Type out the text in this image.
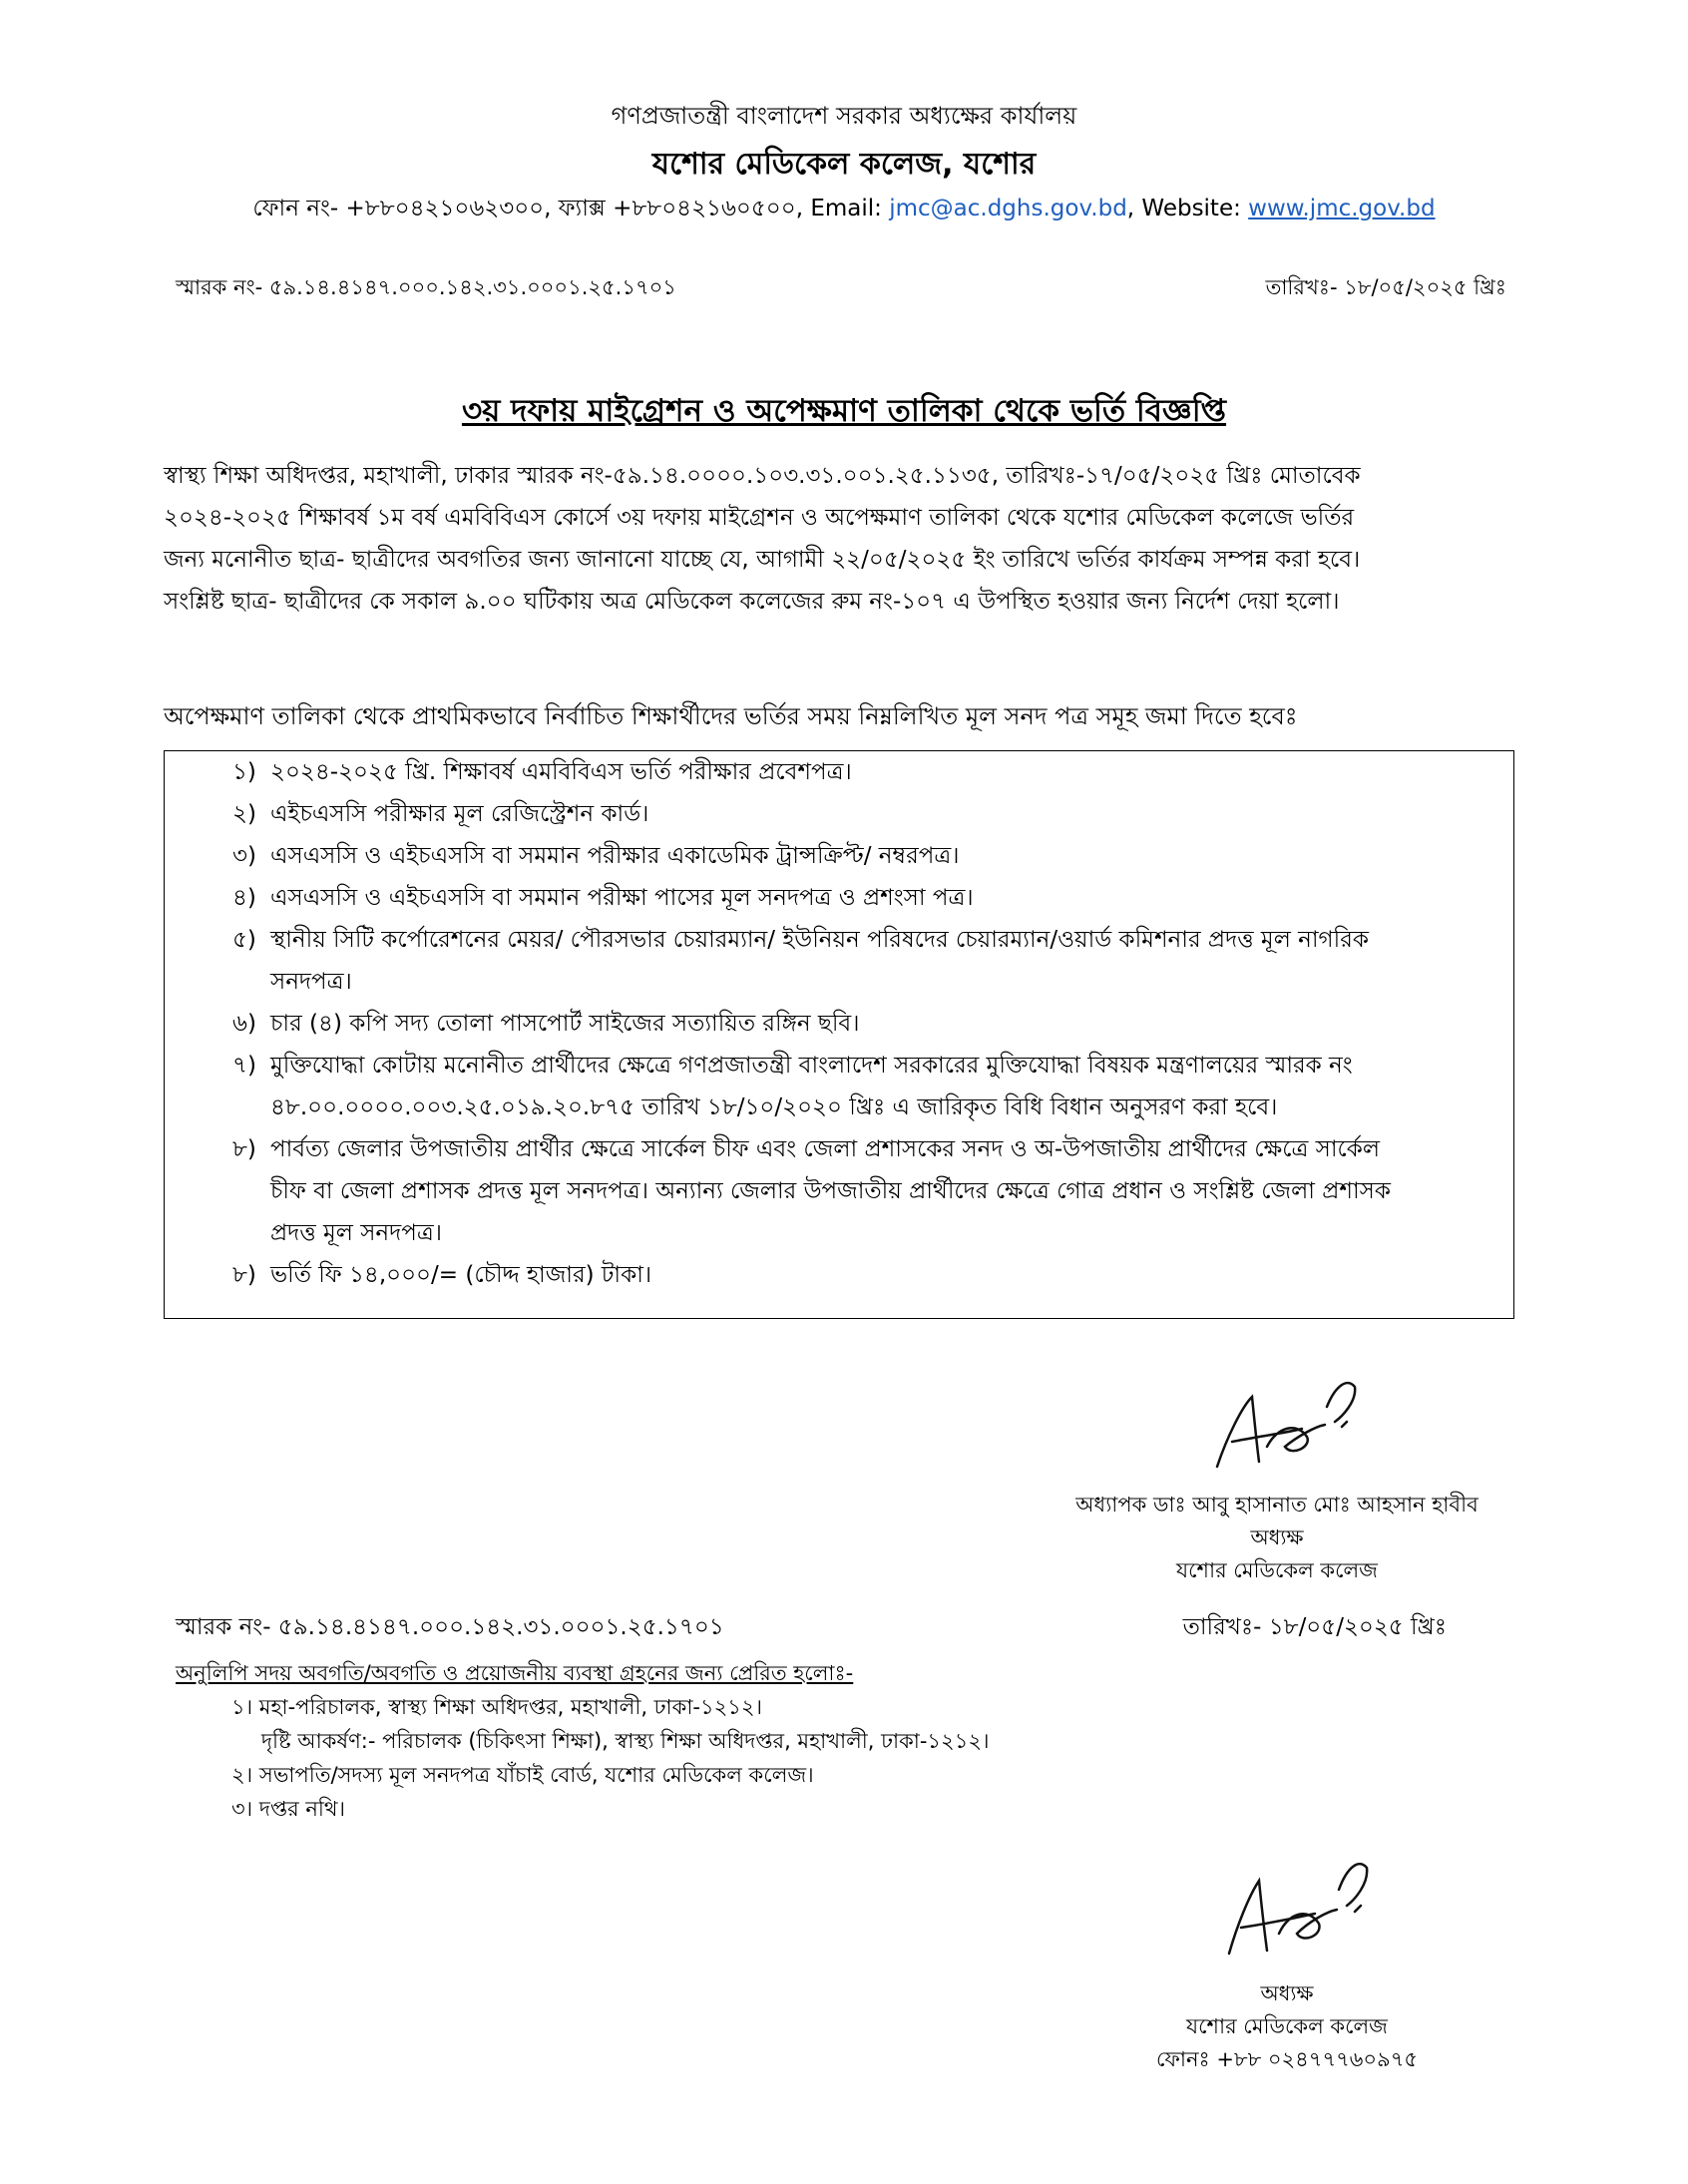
গণপ্রজাতন্ত্রী বাংলাদেশ সরকার অধ্যক্ষের কার্যালয়
যশোর মেডিকেল কলেজ, যশোর
ফোন নং- +৮৮০৪২১০৬২৩০০, ফ্যাক্স +৮৮০৪২১৬০৫০০, Email: jmc@ac.dghs.gov.bd, Website: www.jmc.gov.bd
স্মারক নং- ৫৯.১৪.৪১৪৭.০০০.১৪২.৩১.০০০১.২৫.১৭০১	তারিখঃ- ১৮/০৫/২০২৫ খ্রিঃ
৩য় দফায় মাইগ্রেশন ও অপেক্ষমাণ তালিকা থেকে ভর্তি বিজ্ঞপ্তি
স্বাস্থ্য শিক্ষা অধিদপ্তর, মহাখালী, ঢাকার স্মারক নং-৫৯.১৪.০০০০.১০৩.৩১.০০১.২৫.১১৩৫, তারিখঃ-১৭/০৫/২০২৫ খ্রিঃ মোতাবেক
২০২৪-২০২৫ শিক্ষাবর্ষ ১ম বর্ষ এমবিবিএস কোর্সে ৩য় দফায় মাইগ্রেশন ও অপেক্ষমাণ তালিকা থেকে যশোর মেডিকেল কলেজে ভর্তির
জন্য মনোনীত ছাত্র- ছাত্রীদের অবগতির জন্য জানানো যাচ্ছে যে, আগামী ২২/০৫/২০২৫ ইং তারিখে ভর্তির কার্যক্রম সম্পন্ন করা হবে।
সংশ্লিষ্ট ছাত্র- ছাত্রীদের কে সকাল ৯.০০ ঘটিকায় অত্র মেডিকেল কলেজের রুম নং-১০৭ এ উপস্থিত হওয়ার জন্য নির্দেশ দেয়া হলো।
অপেক্ষমাণ তালিকা থেকে প্রাথমিকভাবে নির্বাচিত শিক্ষার্থীদের ভর্তির সময় নিম্নলিখিত মূল সনদ পত্র সমূহ জমা দিতে হবেঃ
১) ২০২৪-২০২৫ খ্রি. শিক্ষাবর্ষ এমবিবিএস ভর্তি পরীক্ষার প্রবেশপত্র।
২) এইচএসসি পরীক্ষার মূল রেজিস্ট্রেশন কার্ড।
৩) এসএসসি ও এইচএসসি বা সমমান পরীক্ষার একাডেমিক ট্রান্সক্রিপ্ট/ নম্বরপত্র।
৪) এসএসসি ও এইচএসসি বা সমমান পরীক্ষা পাসের মূল সনদপত্র ও প্রশংসা পত্র।
৫) স্থানীয় সিটি কর্পোরেশনের মেয়র/ পৌরসভার চেয়ারম্যান/ ইউনিয়ন পরিষদের চেয়ারম্যান/ওয়ার্ড কমিশনার প্রদত্ত মূল নাগরিক
সনদপত্র।
৬) চার (৪) কপি সদ্য তোলা পাসপোর্ট সাইজের সত্যায়িত রঙ্গিন ছবি।
৭) মুক্তিযোদ্ধা কোটায় মনোনীত প্রার্থীদের ক্ষেত্রে গণপ্রজাতন্ত্রী বাংলাদেশ সরকারের মুক্তিযোদ্ধা বিষয়ক মন্ত্রণালয়ের স্মারক নং
৪৮.০০.০০০০.০০৩.২৫.০১৯.২০.৮৭৫ তারিখ ১৮/১০/২০২০ খ্রিঃ এ জারিকৃত বিধি বিধান অনুসরণ করা হবে।
৮) পার্বত্য জেলার উপজাতীয় প্রার্থীর ক্ষেত্রে সার্কেল চীফ এবং জেলা প্রশাসকের সনদ ও অ-উপজাতীয় প্রার্থীদের ক্ষেত্রে সার্কেল
চীফ বা জেলা প্রশাসক প্রদত্ত মূল সনদপত্র। অন্যান্য জেলার উপজাতীয় প্রার্থীদের ক্ষেত্রে গোত্র প্রধান ও সংশ্লিষ্ট জেলা প্রশাসক
প্রদত্ত মূল সনদপত্র।
৮) ভর্তি ফি ১৪,০০০/= (চৌদ্দ হাজার) টাকা।
অধ্যাপক ডাঃ আবু হাসানাত মোঃ আহসান হাবীব
অধ্যক্ষ
যশোর মেডিকেল কলেজ
স্মারক নং- ৫৯.১৪.৪১৪৭.০০০.১৪২.৩১.০০০১.২৫.১৭০১	তারিখঃ- ১৮/০৫/২০২৫ খ্রিঃ
অনুলিপি সদয় অবগতি/অবগতি ও প্রয়োজনীয় ব্যবস্থা গ্রহনের জন্য প্রেরিত হলোঃ-
১। মহা-পরিচালক, স্বাস্থ্য শিক্ষা অধিদপ্তর, মহাখালী, ঢাকা-১২১২।
দৃষ্টি আকর্ষণ:- পরিচালক (চিকিৎসা শিক্ষা), স্বাস্থ্য শিক্ষা অধিদপ্তর, মহাখালী, ঢাকা-১২১২।
২। সভাপতি/সদস্য মূল সনদপত্র যাঁচাই বোর্ড, যশোর মেডিকেল কলেজ।
৩। দপ্তর নথি।
অধ্যক্ষ
যশোর মেডিকেল কলেজ
ফোনঃ +৮৮ ০২৪৭৭৭৬০৯৭৫
